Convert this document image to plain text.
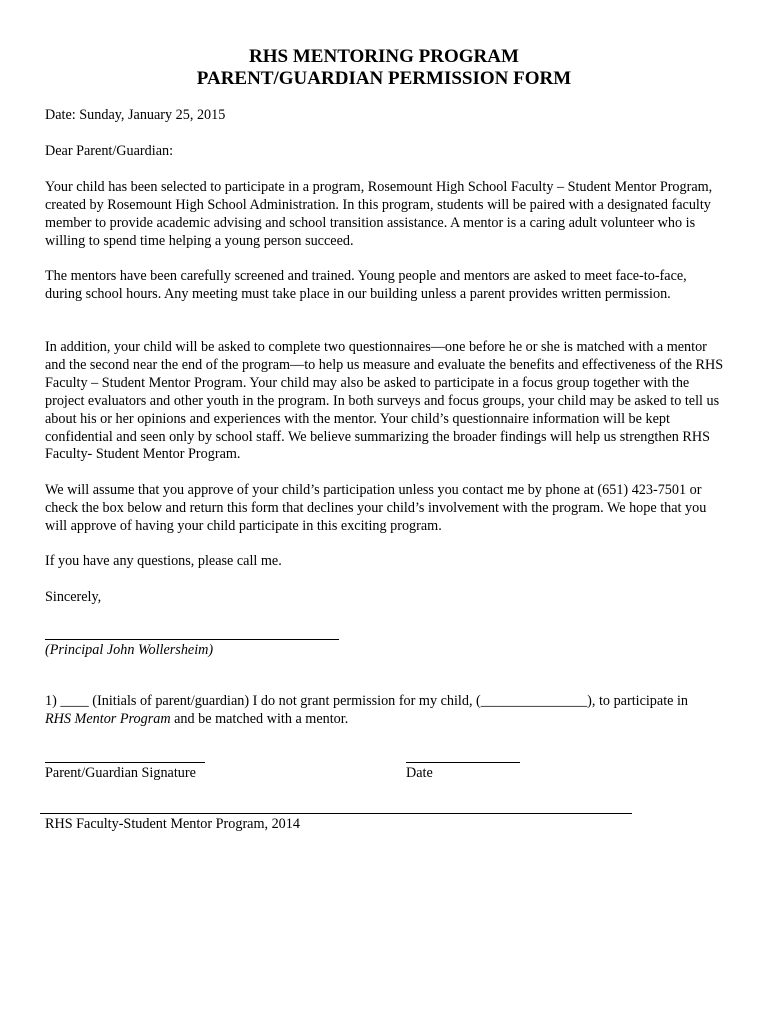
RHS MENTORING PROGRAM
PARENT/GUARDIAN PERMISSION FORM
Date: Sunday, January 25, 2015
Dear Parent/Guardian:
Your child has been selected to participate in a program, Rosemount High School Faculty – Student Mentor Program, created by Rosemount High School Administration. In this program, students will be paired with a designated faculty member to provide academic advising and school transition assistance. A mentor is a caring adult volunteer who is willing to spend time helping a young person succeed.
The mentors have been carefully screened and trained. Young people and mentors are asked to meet face-to-face, during school hours. Any meeting must take place in our building unless a parent provides written permission.
In addition, your child will be asked to complete two questionnaires—one before he or she is matched with a mentor and the second near the end of the program—to help us measure and evaluate the benefits and effectiveness of the RHS Faculty – Student Mentor Program. Your child may also be asked to participate in a focus group together with the project evaluators and other youth in the program. In both surveys and focus groups, your child may be asked to tell us about his or her opinions and experiences with the mentor. Your child’s questionnaire information will be kept confidential and seen only by school staff. We believe summarizing the broader findings will help us strengthen RHS Faculty- Student Mentor Program.
We will assume that you approve of your child’s participation unless you contact me by phone at (651) 423-7501 or check the box below and return this form that declines your child’s involvement with the program. We hope that you will approve of having your child participate in this exciting program.
If you have any questions, please call me.
Sincerely,
(Principal John Wollersheim)
1) ____ (Initials of parent/guardian) I do not grant permission for my child, (_______________), to participate in
RHS Mentor Program and be matched with a mentor.
Parent/Guardian Signature	Date
RHS Faculty-Student Mentor Program, 2014
